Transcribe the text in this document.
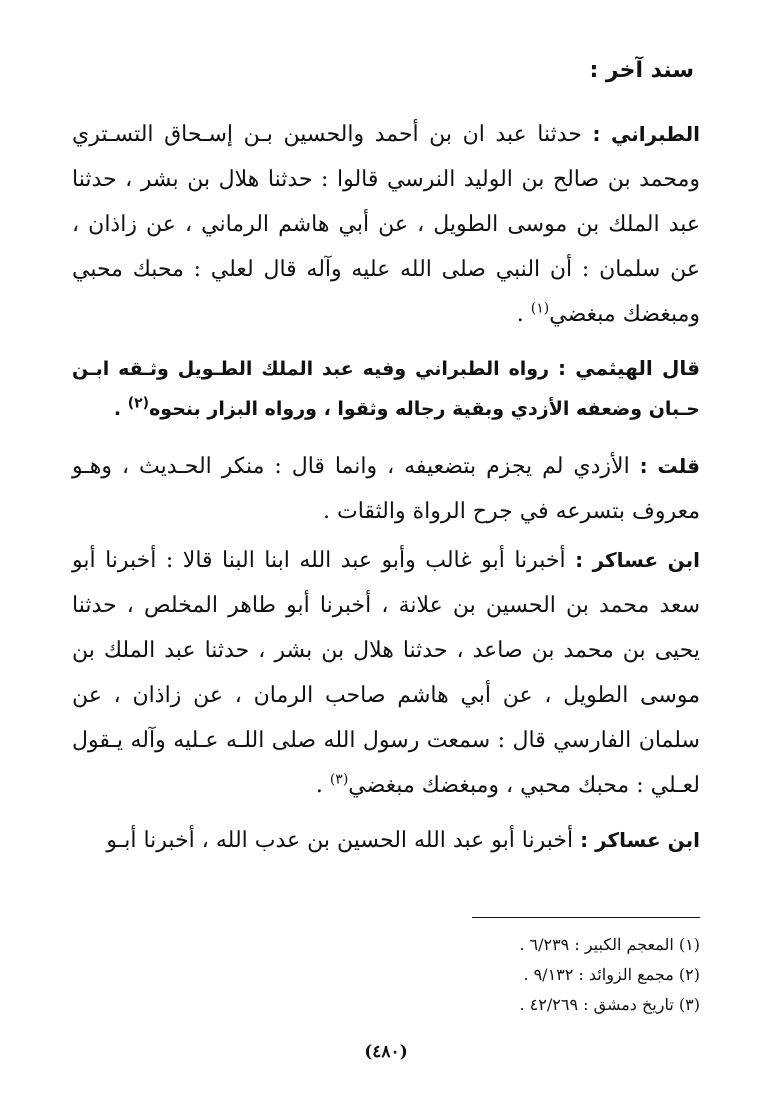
سند آخر :

الطبراني : حدثنا عبد ان بن أحمد والحسين بـن إسـحاق التسـتري ومحمد بن صالح بن الوليد النرسي قالوا : حدثنا هلال بن بشر ، حدثنا عبد الملك بن موسى الطويل ، عن أبي هاشم الرماني ، عن زاذان ، عن سلمان : أن النبي صلى الله عليه وآله قال لعلي : محبك محبي ومبغضك مبغضي$^{(١)}$ .

قال الهيثمي : رواه الطبراني وفيه عبد الملك الطـويل وثـقه ابـن حـبان وضعفه الأزدي وبقية رجاله وثقوا ، ورواه البزار بنحوه$^{(٢)}$ .

قلت : الأزدي لم يجزم بتضعيفه ، وانما قال : منكر الحـديث ، وهـو معروف بتسرعه في جرح الرواة والثقات .

ابن عساكر : أخبرنا أبو غالب وأبو عبد الله ابنا البنا قالا : أخبرنا أبو سعد محمد بن الحسين بن علانة ، أخبرنا أبو طاهر المخلص ، حدثنا يحيى بن محمد بن صاعد ، حدثنا هلال بن بشر ، حدثنا عبد الملك بن موسى الطويل ، عن أبي هاشم صاحب الرمان ، عن زاذان ، عن سلمان الفارسي قال : سمعت رسول الله صلى اللـه عـليه وآله يـقول لعـلي : محبك محبي ، ومبغضك مبغضي$^{(٣)}$ .

ابن عساكر : أخبرنا أبو عبد الله الحسين بن عدب الله ، أخبرنا أبـو

(١) المعجم الكبير : ٦/٢٣٩ .
(٢) مجمع الزوائد : ٩/١٣٢ .
(٣) تاريخ دمشق : ٤٢/٢٦٩ .
(٤٨٠)
